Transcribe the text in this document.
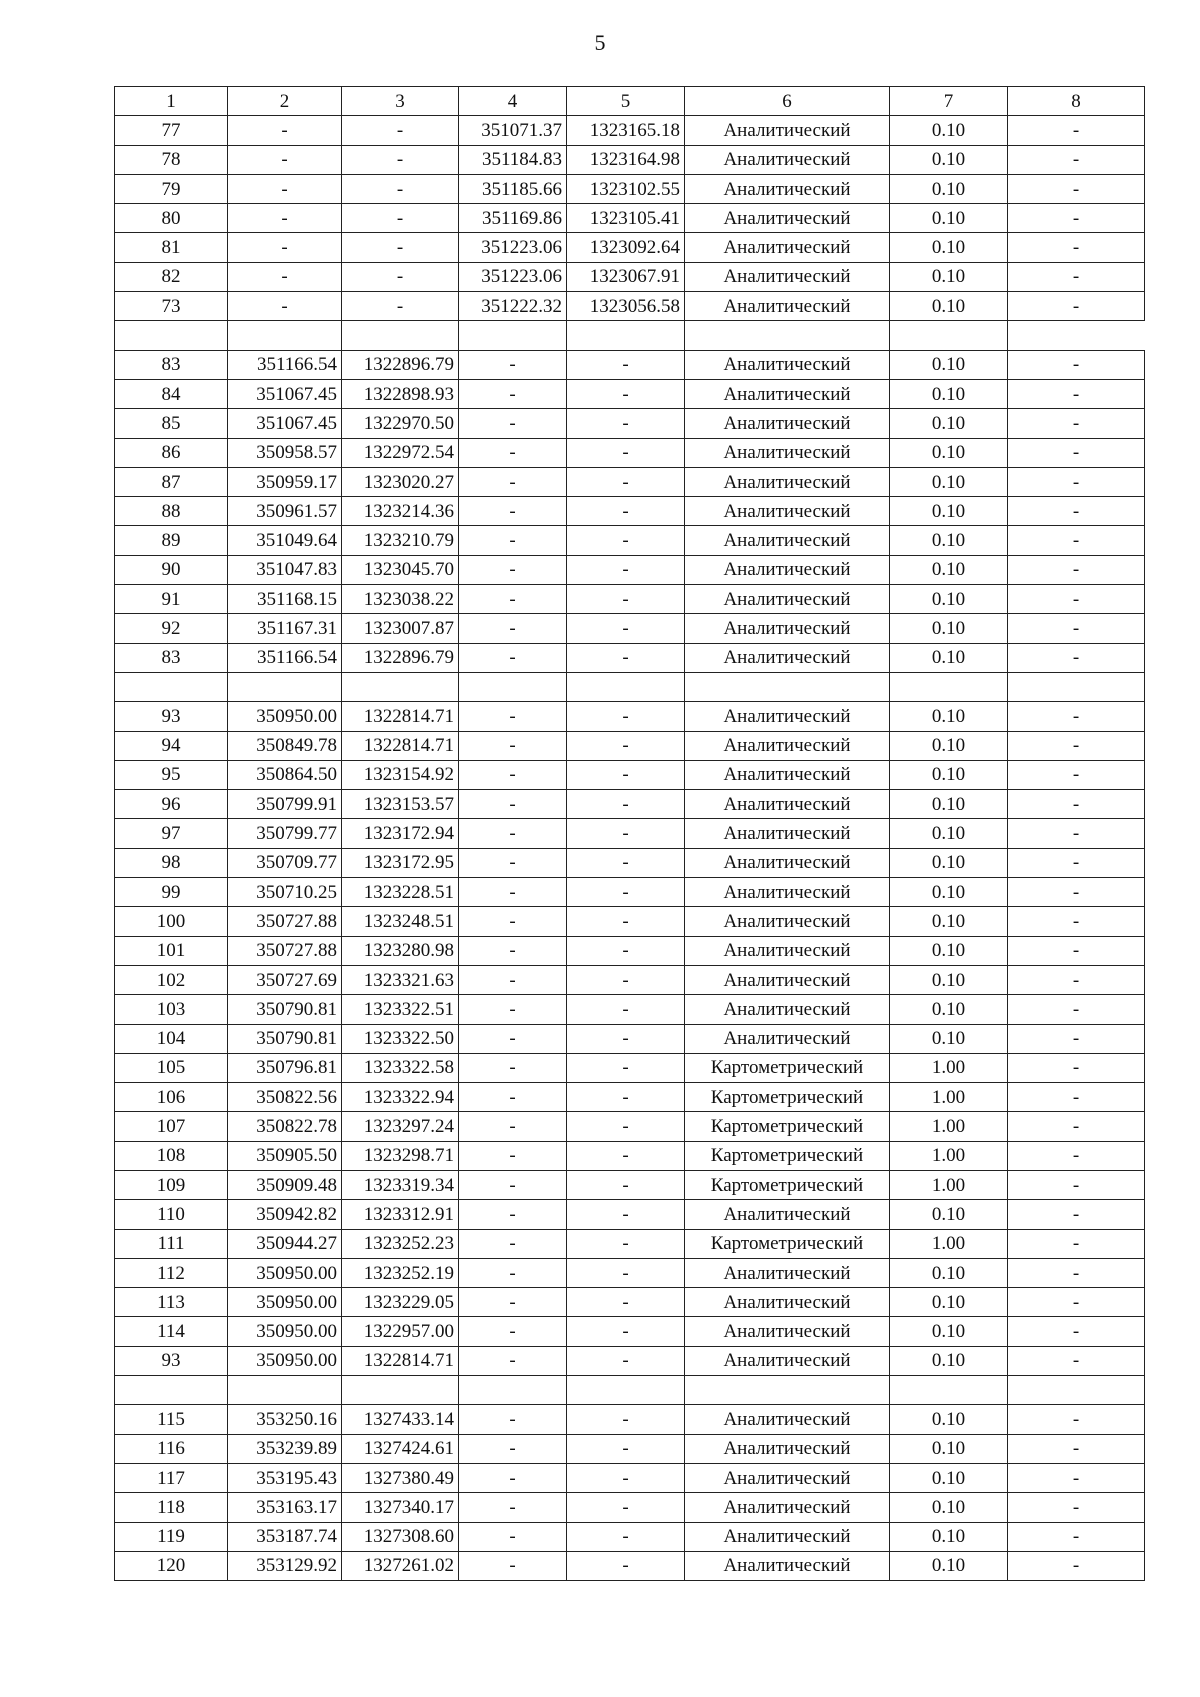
5
1	2	3	4	5	6	7	8
77	-	-	351071.37	1323165.18	Аналитический	0.10	-
78	-	-	351184.83	1323164.98	Аналитический	0.10	-
79	-	-	351185.66	1323102.55	Аналитический	0.10	-
80	-	-	351169.86	1323105.41	Аналитический	0.10	-
81	-	-	351223.06	1323092.64	Аналитический	0.10	-
82	-	-	351223.06	1323067.91	Аналитический	0.10	-
73	-	-	351222.32	1323056.58	Аналитический	0.10	-

83	351166.54	1322896.79	-	-	Аналитический	0.10	-
84	351067.45	1322898.93	-	-	Аналитический	0.10	-
85	351067.45	1322970.50	-	-	Аналитический	0.10	-
86	350958.57	1322972.54	-	-	Аналитический	0.10	-
87	350959.17	1323020.27	-	-	Аналитический	0.10	-
88	350961.57	1323214.36	-	-	Аналитический	0.10	-
89	351049.64	1323210.79	-	-	Аналитический	0.10	-
90	351047.83	1323045.70	-	-	Аналитический	0.10	-
91	351168.15	1323038.22	-	-	Аналитический	0.10	-
92	351167.31	1323007.87	-	-	Аналитический	0.10	-
83	351166.54	1322896.79	-	-	Аналитический	0.10	-

93	350950.00	1322814.71	-	-	Аналитический	0.10	-
94	350849.78	1322814.71	-	-	Аналитический	0.10	-
95	350864.50	1323154.92	-	-	Аналитический	0.10	-
96	350799.91	1323153.57	-	-	Аналитический	0.10	-
97	350799.77	1323172.94	-	-	Аналитический	0.10	-
98	350709.77	1323172.95	-	-	Аналитический	0.10	-
99	350710.25	1323228.51	-	-	Аналитический	0.10	-
100	350727.88	1323248.51	-	-	Аналитический	0.10	-
101	350727.88	1323280.98	-	-	Аналитический	0.10	-
102	350727.69	1323321.63	-	-	Аналитический	0.10	-
103	350790.81	1323322.51	-	-	Аналитический	0.10	-
104	350790.81	1323322.50	-	-	Аналитический	0.10	-
105	350796.81	1323322.58	-	-	Картометрический	1.00	-
106	350822.56	1323322.94	-	-	Картометрический	1.00	-
107	350822.78	1323297.24	-	-	Картометрический	1.00	-
108	350905.50	1323298.71	-	-	Картометрический	1.00	-
109	350909.48	1323319.34	-	-	Картометрический	1.00	-
110	350942.82	1323312.91	-	-	Аналитический	0.10	-
111	350944.27	1323252.23	-	-	Картометрический	1.00	-
112	350950.00	1323252.19	-	-	Аналитический	0.10	-
113	350950.00	1323229.05	-	-	Аналитический	0.10	-
114	350950.00	1322957.00	-	-	Аналитический	0.10	-
93	350950.00	1322814.71	-	-	Аналитический	0.10	-

115	353250.16	1327433.14	-	-	Аналитический	0.10	-
116	353239.89	1327424.61	-	-	Аналитический	0.10	-
117	353195.43	1327380.49	-	-	Аналитический	0.10	-
118	353163.17	1327340.17	-	-	Аналитический	0.10	-
119	353187.74	1327308.60	-	-	Аналитический	0.10	-
120	353129.92	1327261.02	-	-	Аналитический	0.10	-
